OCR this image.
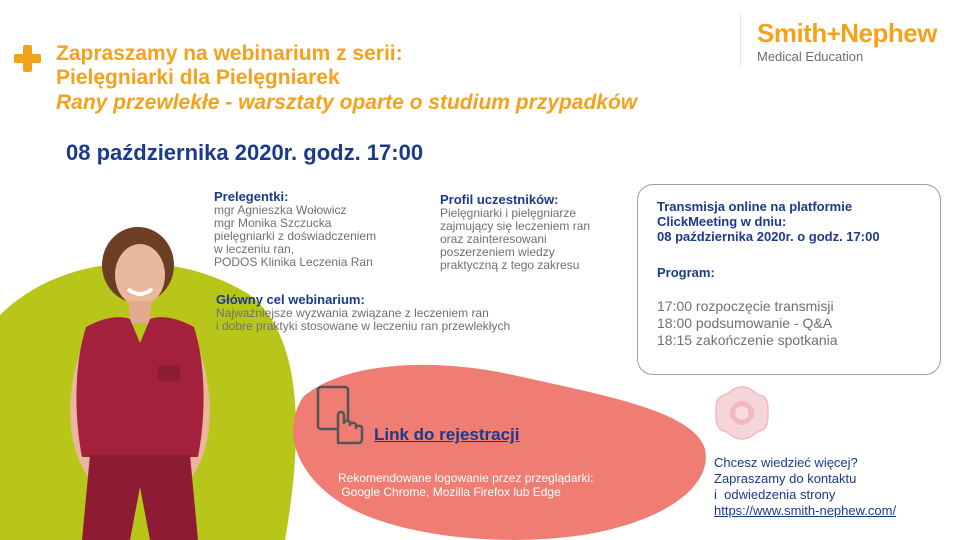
Zapraszamy na webinarium z serii:
Pielęgniarki dla Pielęgniarek
Rany przewlekłe - warsztaty oparte o studium przypadków
08 października 2020r. godz. 17:00
Smith+Nephew
Medical Education
Prelegentki:
mgr Agnieszka Wołowicz
mgr Monika Szczucka
pielęgniarki z doświadczeniem
w leczeniu ran,
PODOS Klinika Leczenia Ran
Profil uczestników:
Pielęgniarki i pielęgniarze
zajmujący się leczeniem ran
oraz zainteresowani
poszerzeniem wiedzy
praktyczną z tego zakresu
Główny cel webinarium:
Najważniejsze wyzwania związane z leczeniem ran
i dobre praktyki stosowane w leczeniu ran przewlekłych
Transmisja online na platformie
ClickMeeting w dniu:
08 października 2020r. o godz. 17:00
Program:
17:00 rozpoczęcie transmisji
18:00 podsumowanie - Q&A
18:15 zakończenie spotkania
Link do rejestracji
Rekomendowane logowanie przez przeglądarki:
Google Chrome, Mozilla Firefox lub Edge
Chcesz wiedzieć więcej?
Zapraszamy do kontaktu
i  odwiedzenia strony
https://www.smith-nephew.com/
